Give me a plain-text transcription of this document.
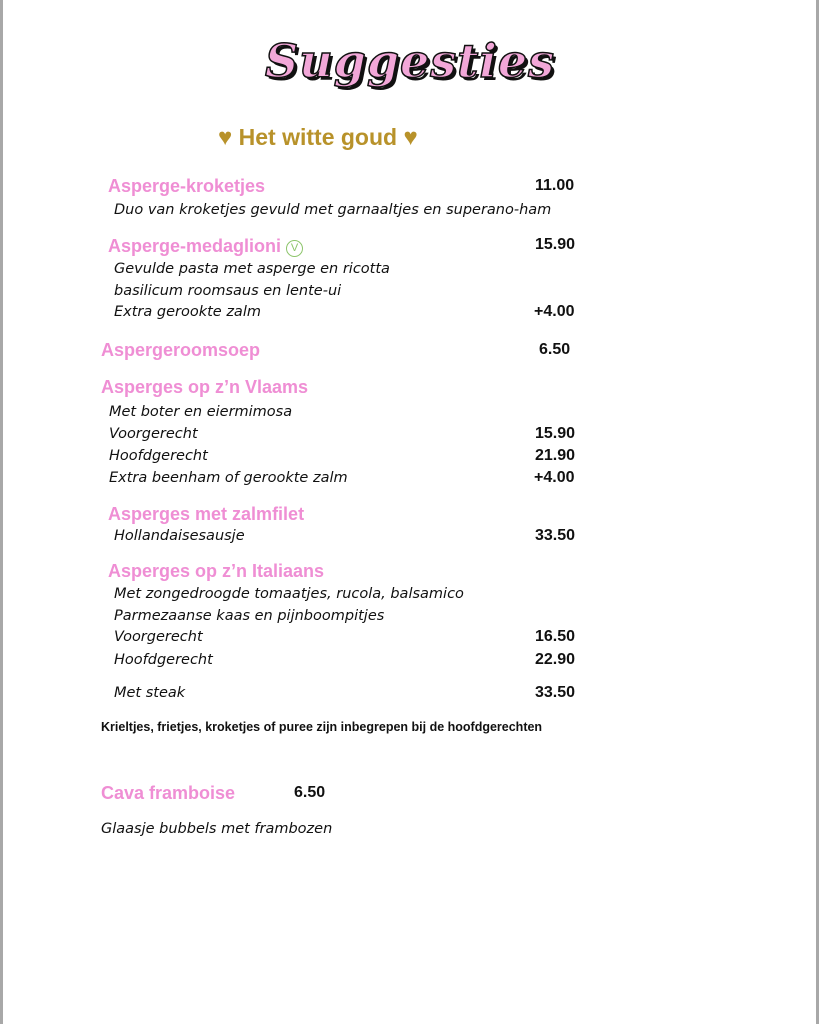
Suggesties
♥ Het witte goud ♥
Asperge-kroketjes	11.00
Duo van kroketjes gevuld met garnaaltjes en superano-ham
Asperge-medaglioni V	15.90
Gevulde pasta met asperge en ricotta
basilicum roomsaus en lente-ui
Extra gerookte zalm	+4.00
Aspergeroomsoep	6.50
Asperges op z’n Vlaams
Met boter en eiermimosa
Voorgerecht	15.90
Hoofdgerecht	21.90
Extra beenham of gerookte zalm	+4.00
Asperges met zalmfilet
Hollandaisesausje	33.50
Asperges op z’n Italiaans
Met zongedroogde tomaatjes, rucola, balsamico
Parmezaanse kaas en pijnboompitjes
Voorgerecht	16.50
Hoofdgerecht	22.90
Met steak	33.50
Krieltjes, frietjes, kroketjes of puree zijn inbegrepen bij de hoofdgerechten
Cava framboise	6.50
Glaasje bubbels met frambozen
